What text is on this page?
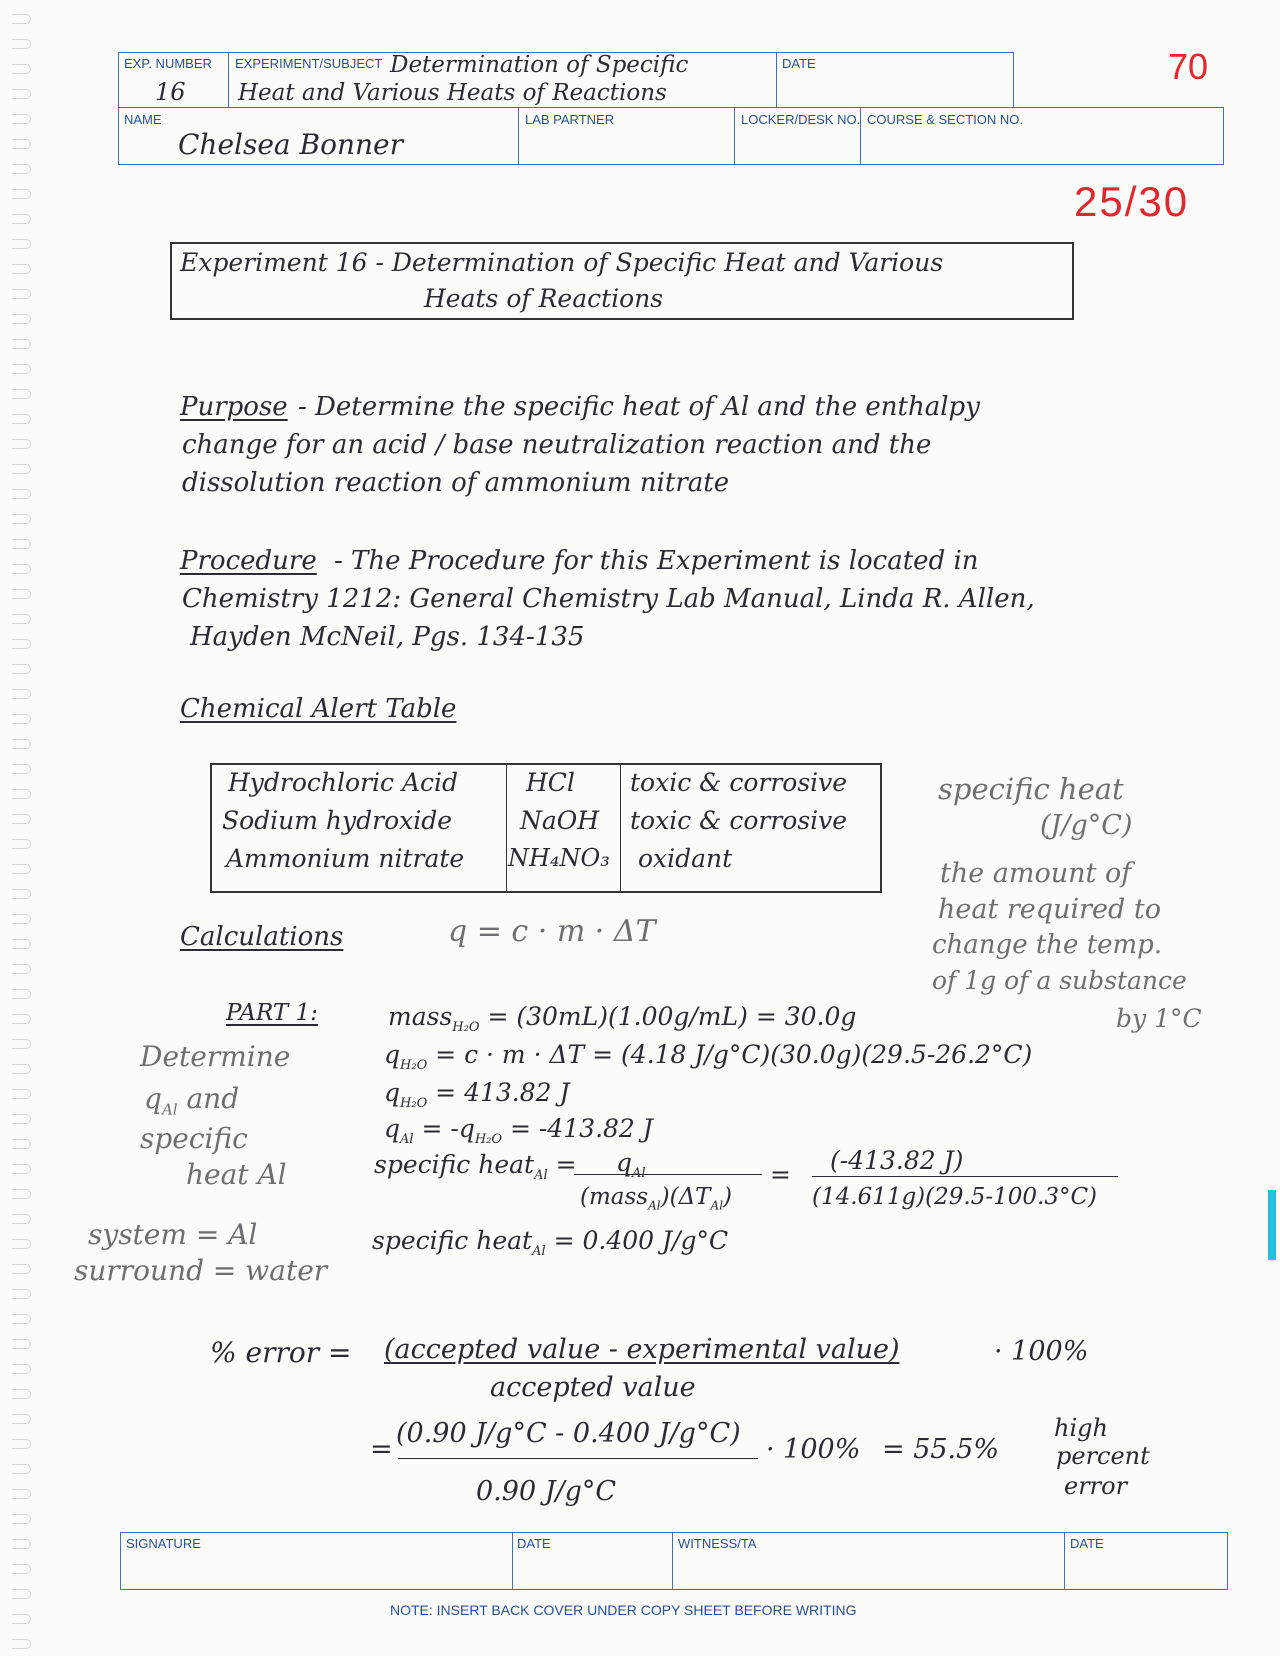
EXP. NUMBER
16
EXPERIMENT/SUBJECT Determination of Specific
Heat and Various Heats of Reactions
DATE
NAME
Chelsea Bonner
LAB PARTNER	LOCKER/DESK NO. COURSE & SECTION NO.
70
25/30
Experiment 16 - Determination of Specific Heat and Various
Heats of Reactions
Purpose - Determine the specific heat of Al and the enthalpy
change for an acid / base neutralization reaction and the
dissolution reaction of ammonium nitrate
Procedure - The Procedure for this Experiment is located in
Chemistry 1212: General Chemistry Lab Manual, Linda R. Allen,
Hayden McNeil, Pgs. 134-135
Chemical Alert Table
Hydrochloric Acid	HCl toxic & corrosive
Sodium hydroxide	NaOH toxic & corrosive
Ammonium nitrate NH₄NO₃ oxidant
specific heat
(J/g°C)
the amount of
heat required to
change the temp.
of 1g of a substance
by 1°C
Calculations	q = c · m · ΔT
PART 1:
Determine
$q_{Al}$ and
specific
heat Al
system = Al
surround = water
mass$_{H_2O}$ = (30mL)(1.00g/mL) = 30.0g
$q_{H_2O} = c \cdot m \cdot \Delta T = (4.18$ J/g°C)(30.0g)(29.5-26.2°C)
$q_{H_2O} = 413.82$ J
$q_{Al} = -q_{H_2O} = -413.82$ J
specific heat$_{Al}$ = $q_{Al}$
$(mass_{Al})(\Delta T_{Al})$
= (-413.82 J)
(14.611g)(29.5-100.3°C)
specific heat$_{Al}$ = 0.400 J/g°C
% error = (accepted value - experimental value)	· 100%
accepted value
=
(0.90 J/g°C - 0.400 J/g°C)
0.90 J/g°C
· 100% = 55.5%
high
percent
error
SIGNATURE	DATE	WITNESS/TA	DATE
NOTE: INSERT BACK COVER UNDER COPY SHEET BEFORE WRITING
